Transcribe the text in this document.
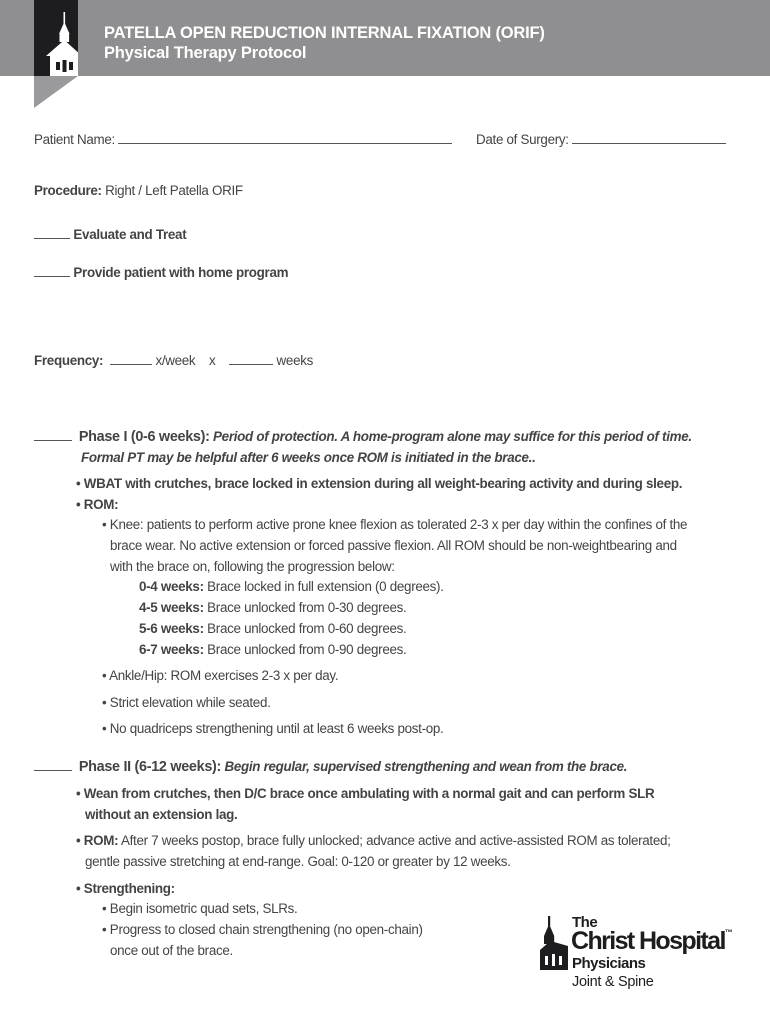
PATELLA OPEN REDUCTION INTERNAL FIXATION (ORIF)
Physical Therapy Protocol
Patient Name:	Date of Surgery:
Procedure: Right / Left Patella ORIF
Evaluate and Treat
Provide patient with home program
Frequency:	x/week x	weeks
Phase I (0-6 weeks): Period of protection. A home-program alone may suffice for this period of time.
Formal PT may be helpful after 6 weeks once ROM is initiated in the brace..
• WBAT with crutches, brace locked in extension during all weight-bearing activity and during sleep.
• ROM:
• Knee: patients to perform active prone knee flexion as tolerated 2-3 x per day within the confines of the
brace wear. No active extension or forced passive flexion. All ROM should be non-weightbearing and
with the brace on, following the progression below:
0-4 weeks: Brace locked in full extension (0 degrees).
4-5 weeks: Brace unlocked from 0-30 degrees.
5-6 weeks: Brace unlocked from 0-60 degrees.
6-7 weeks: Brace unlocked from 0-90 degrees.
• Ankle/Hip: ROM exercises 2-3 x per day.
• Strict elevation while seated.
• No quadriceps strengthening until at least 6 weeks post-op.
Phase II (6-12 weeks): Begin regular, supervised strengthening and wean from the brace.
• Wean from crutches, then D/C brace once ambulating with a normal gait and can perform SLR
without an extension lag.
• ROM: After 7 weeks postop, brace fully unlocked; advance active and active-assisted ROM as tolerated;
gentle passive stretching at end-range. Goal: 0-120 or greater by 12 weeks.
• Strengthening:
• Begin isometric quad sets, SLRs.
• Progress to closed chain strengthening (no open-chain)
once out of the brace.
The
Christ Hospital™
Physicians
Joint & Spine
